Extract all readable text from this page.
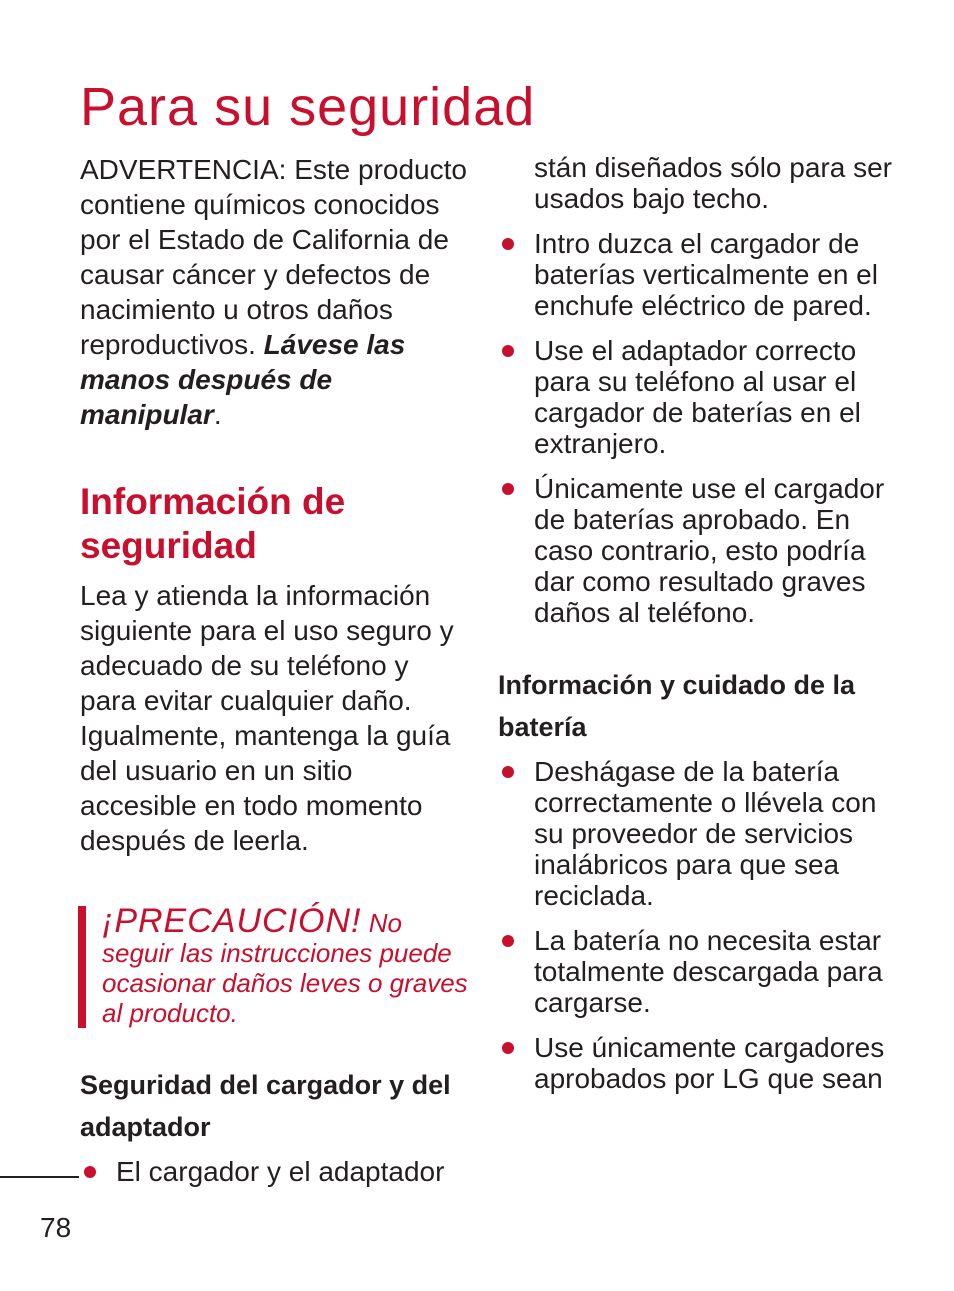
Para su seguridad

ADVERTENCIA: Este producto contiene químicos conocidos por el Estado de California de causar cáncer y defectos de nacimiento u otros daños reproductivos. Lávese las manos después de manipular.

Información de seguridad

Lea y atienda la información siguiente para el uso seguro y adecuado de su teléfono y para evitar cualquier daño. Igualmente, mantenga la guía del usuario en un sitio accesible en todo momento después de leerla.

¡PRECAUCIÓN! No seguir las instrucciones puede ocasionar daños leves o graves al producto.
Seguridad del cargador y del adaptador
El cargador y el adaptador
stán diseñados sólo para ser usados bajo techo.
Intro duzca el cargador de baterías verticalmente en el enchufe eléctrico de pared.
Use el adaptador correcto para su teléfono al usar el cargador de baterías en el extranjero.
Únicamente use el cargador de baterías aprobado. En caso contrario, esto podría dar como resultado graves daños al teléfono.
Información y cuidado de la batería
Deshágase de la batería correctamente o llévela con su proveedor de servicios inalábricos para que sea reciclada.
La batería no necesita estar totalmente descargada para cargarse.
Use únicamente cargadores aprobados por LG que sean
78
